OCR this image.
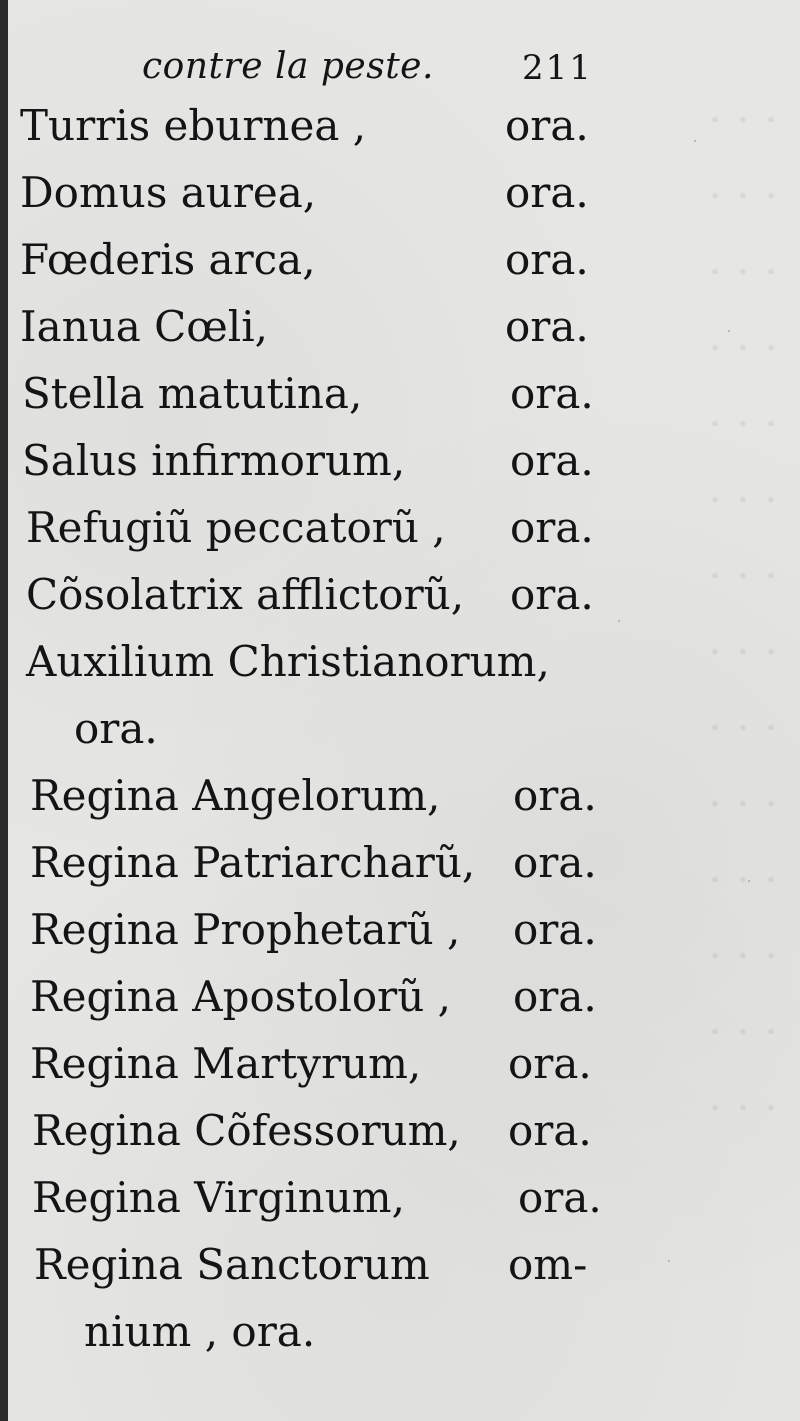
. . .
. . .
. . .
. . .
. . .
. . .
. . .
. . .
. . .
. . .
. . .
. . .
. . .
. . .
contre la peste.	211
Turris eburnea ,	ora.
Domus aurea,	ora.
Fœderis arca,	ora.
Ianua Cœli,	ora.
Stella matutina,	ora.
Salus infirmorum, ora.
Refugiũ peccatorũ , ora.
Cõsolatrix afflictorũ, ora.
Auxilium Christianorum,
ora.
Regina Angelorum, ora.
Regina Patriarcharũ, ora.
Regina Prophetarũ , ora.
Regina Apostolorũ , ora.
Regina Martyrum, ora.
Regina Cõfessorum, ora.
Regina Virginum,	ora.
Regina Sanctorum om-
nium , ora.
